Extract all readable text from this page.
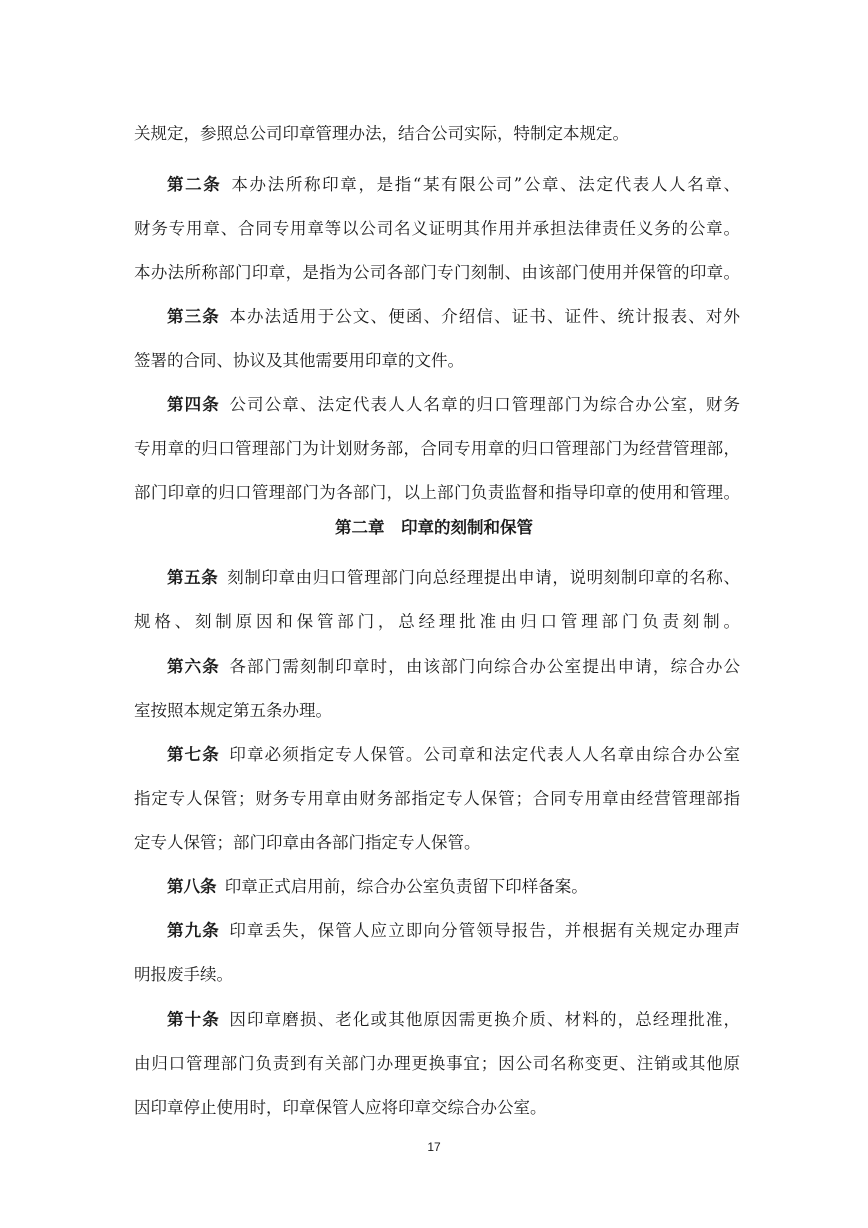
关规定，参照总公司印章管理办法，结合公司实际，特制定本规定。
第二条  本办法所称印章，是指“某有限公司”公章、法定代表人人名章、
财务专用章、合同专用章等以公司名义证明其作用并承担法律责任义务的公章。
本办法所称部门印章，是指为公司各部门专门刻制、由该部门使用并保管的印章。
第三条  本办法适用于公文、便函、介绍信、证书、证件、统计报表、对外
签署的合同、协议及其他需要用印章的文件。
第四条  公司公章、法定代表人人名章的归口管理部门为综合办公室，财务
专用章的归口管理部门为计划财务部，合同专用章的归口管理部门为经营管理部，
部门印章的归口管理部门为各部门，以上部门负责监督和指导印章的使用和管理。
第五条  刻制印章由归口管理部门向总经理提出申请，说明刻制印章的名称、
规格、刻制原因和保管部门，总经理批准由归口管理部门负责刻制。
第六条  各部门需刻制印章时，由该部门向综合办公室提出申请，综合办公
室按照本规定第五条办理。
第七条  印章必须指定专人保管。公司章和法定代表人人名章由综合办公室
指定专人保管；财务专用章由财务部指定专人保管；合同专用章由经营管理部指
定专人保管；部门印章由各部门指定专人保管。
第八条  印章正式启用前，综合办公室负责留下印样备案。
第九条  印章丢失，保管人应立即向分管领导报告，并根据有关规定办理声
明报废手续。
第十条  因印章磨损、老化或其他原因需更换介质、材料的，总经理批准，
由归口管理部门负责到有关部门办理更换事宜；因公司名称变更、注销或其他原
因印章停止使用时，印章保管人应将印章交综合办公室。
第二章　印章的刻制和保管
17
